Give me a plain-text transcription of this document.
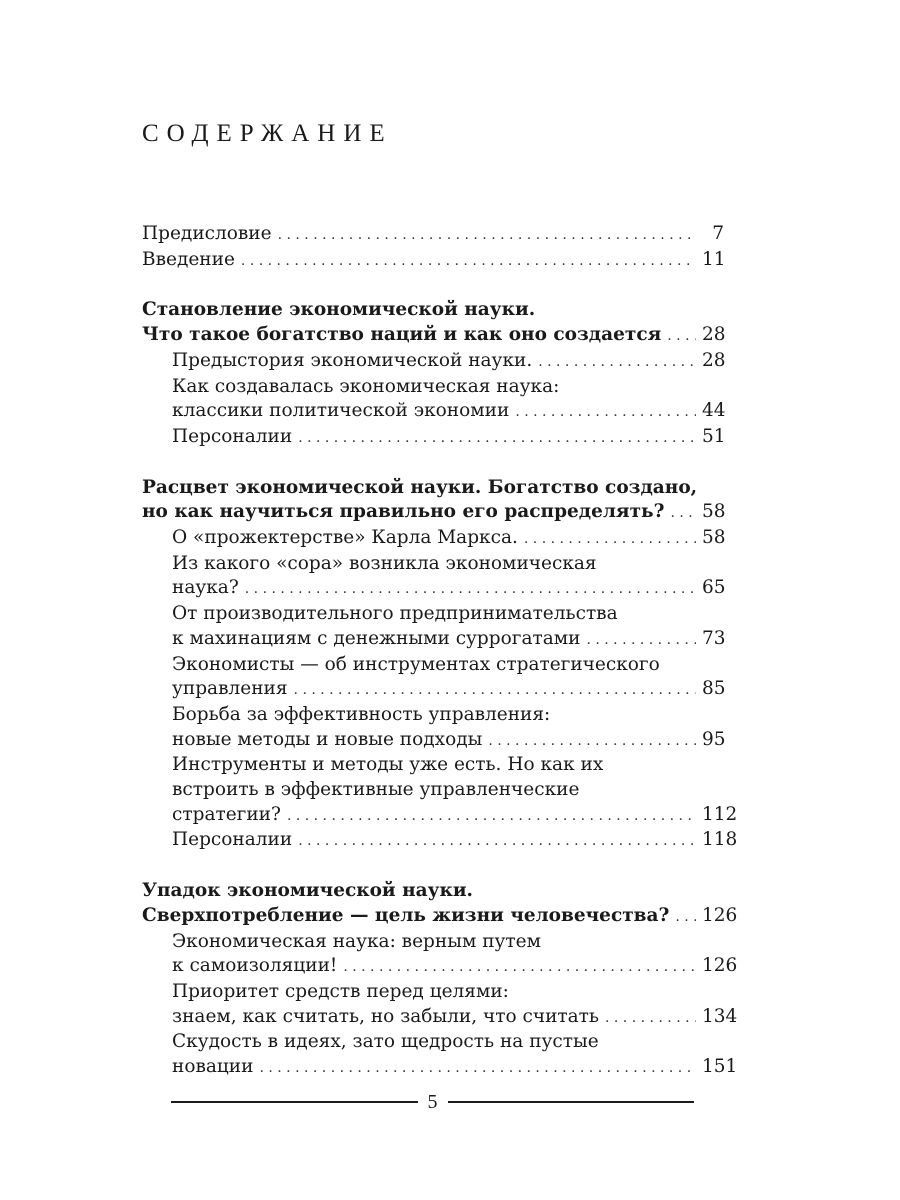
СОДЕРЖАНИЕ
Предисловие . . .	7
Введение . . .	11
Становление экономической науки.
Что такое богатство наций и как оно создается . . . 28
Предыстория экономической науки. . . .	28
Как создавалась экономическая наука:
классики политической экономии . . .	44
Персоналии . . .	51
Расцвет экономической науки. Богатство создано,
но как научиться правильно его распределять? . . . 58
О «прожектерстве» Карла Маркса. . . .	58
Из какого «сора» возникла экономическая
наука? . . .	65
От производительного предпринимательства
к махинациям с денежными суррогатами . . .	73
Экономисты — об инструментах стратегического
управления . . .	85
Борьба за эффективность управления:
новые методы и новые подходы . . .	95
Инструменты и методы уже есть. Но как их
встроить в эффективные управленческие
стратегии? . . .	112
Персоналии . . .	118
Упадок экономической науки.
Сверхпотребление — цель жизни человечества? . . . 126
Экономическая наука: верным путем
к самоизоляции! . . .	126
Приоритет средств перед целями:
знаем, как считать, но забыли, что считать . . .	134
Скудость в идеях, зато щедрость на пустые
новации . . .	151
5
